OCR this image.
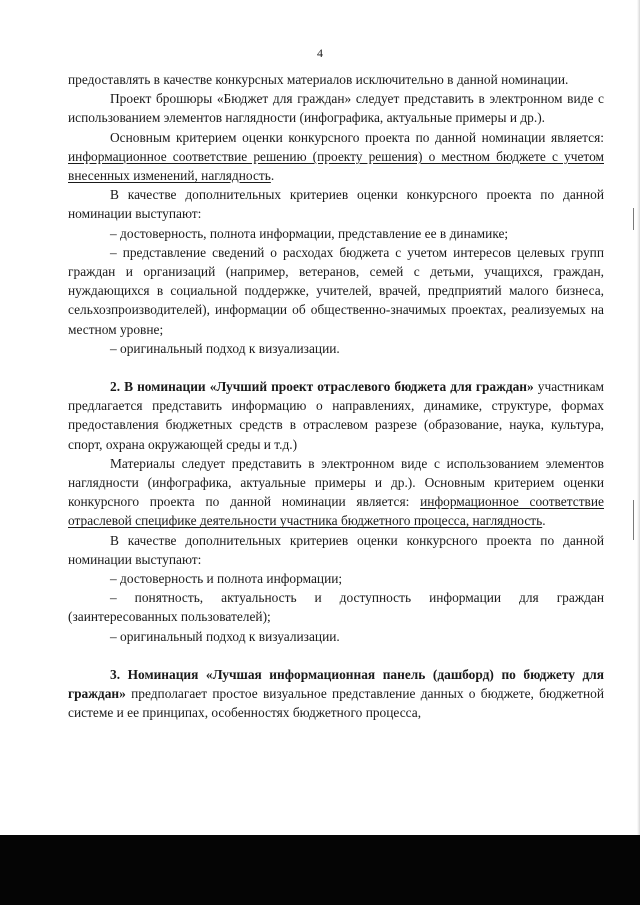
4

предоставлять в качестве конкурсных материалов исключительно в данной номинации.

Проект брошюры «Бюджет для граждан» следует представить в электронном виде с использованием элементов наглядности (инфографика, актуальные примеры и др.).

Основным критерием оценки конкурсного проекта по данной номинации является: информационное соответствие решению (проекту решения) о местном бюджете с учетом внесенных изменений, наглядность.

В качестве дополнительных критериев оценки конкурсного проекта по данной номинации выступают:

– достоверность, полнота информации, представление ее в динамике;

– представление сведений о расходах бюджета с учетом интересов целевых групп граждан и организаций (например, ветеранов, семей с детьми, учащихся, граждан, нуждающихся в социальной поддержке, учителей, врачей, предприятий малого бизнеса, сельхозпроизводителей), информации об общественно-значимых проектах, реализуемых на местном уровне;

– оригинальный подход к визуализации.

2. В номинации «Лучший проект отраслевого бюджета для граждан» участникам предлагается представить информацию о направлениях, динамике, структуре, формах предоставления бюджетных средств в отраслевом разрезе (образование, наука, культура, спорт, охрана окружающей среды и т.д.)

Материалы следует представить в электронном виде с использованием элементов наглядности (инфографика, актуальные примеры и др.). Основным критерием оценки конкурсного проекта по данной номинации является: информационное соответствие отраслевой специфике деятельности участника бюджетного процесса, наглядность.

В качестве дополнительных критериев оценки конкурсного проекта по данной номинации выступают:

– достоверность и полнота информации;

– понятность, актуальность и доступность информации для граждан (заинтересованных пользователей);

– оригинальный подход к визуализации.

3. Номинация «Лучшая информационная панель (дашборд) по бюджету для граждан» предполагает простое визуальное представление данных о бюджете, бюджетной системе и ее принципах, особенностях бюджетного процесса,
